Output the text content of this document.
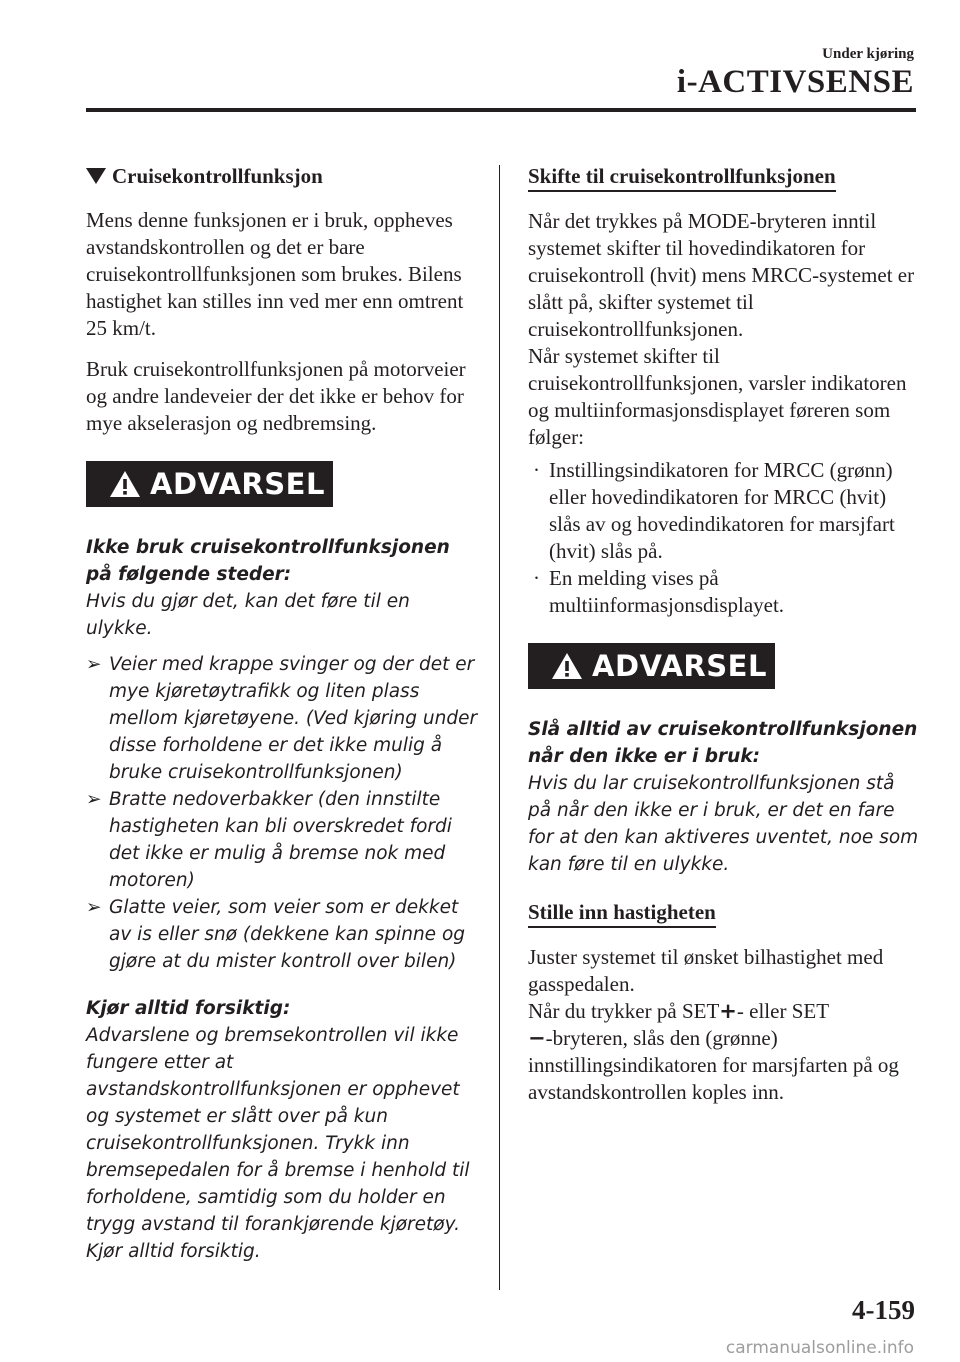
Under kjøring
i-ACTIVSENSE
Cruisekontrollfunksjon

Mens denne funksjonen er i bruk, oppheves avstandskontrollen og det er bare cruisekontrollfunksjonen som brukes. Bilens hastighet kan stilles inn ved mer enn omtrent 25 km/t.

Bruk cruisekontrollfunksjonen på motorveier og andre landeveier der det ikke er behov for mye akselerasjon og nedbremsing.

ADVARSEL

Ikke bruk cruisekontrollfunksjonen på følgende steder:

Hvis du gjør det, kan det føre til en ulykke.

➢ Veier med krappe svinger og der det er mye kjøretøytrafikk og liten plass mellom kjøretøyene. (Ved kjøring under disse forholdene er det ikke mulig å bruke cruisekontrollfunksjonen)
➢ Bratte nedoverbakker (den innstilte hastigheten kan bli overskredet fordi det ikke er mulig å bremse nok med motoren)
➢ Glatte veier, som veier som er dekket av is eller snø (dekkene kan spinne og gjøre at du mister kontroll over bilen)

Kjør alltid forsiktig:

Advarslene og bremsekontrollen vil ikke fungere etter at avstandskontrollfunksjonen er opphevet og systemet er slått over på kun cruisekontrollfunksjonen. Trykk inn bremsepedalen for å bremse i henhold til forholdene, samtidig som du holder en trygg avstand til forankjørende kjøretøy. Kjør alltid forsiktig.

Skifte til cruisekontrollfunksjonen

Når det trykkes på MODE-bryteren inntil systemet skifter til hovedindikatoren for cruisekontroll (hvit) mens MRCC-systemet er slått på, skifter systemet til cruisekontrollfunksjonen.

Når systemet skifter til cruisekontrollfunksjonen, varsler indikatoren og multiinformasjonsdisplayet føreren som følger:

· Instillingsindikatoren for MRCC (grønn) eller hovedindikatoren for MRCC (hvit) slås av og hovedindikatoren for marsjfart (hvit) slås på.
· En melding vises på multiinformasjonsdisplayet.
ADVARSEL

Slå alltid av cruisekontrollfunksjonen når den ikke er i bruk:

Hvis du lar cruisekontrollfunksjonen stå på når den ikke er i bruk, er det en fare for at den kan aktiveres uventet, noe som kan føre til en ulykke.

Stille inn hastigheten

Juster systemet til ønsket bilhastighet med gasspedalen.

Når du trykker på SET+- eller SET
−-bryteren, slås den (grønne) innstillingsindikatoren for marsjfarten på og avstandskontrollen koples inn.

4-159
carmanualsonline.info
